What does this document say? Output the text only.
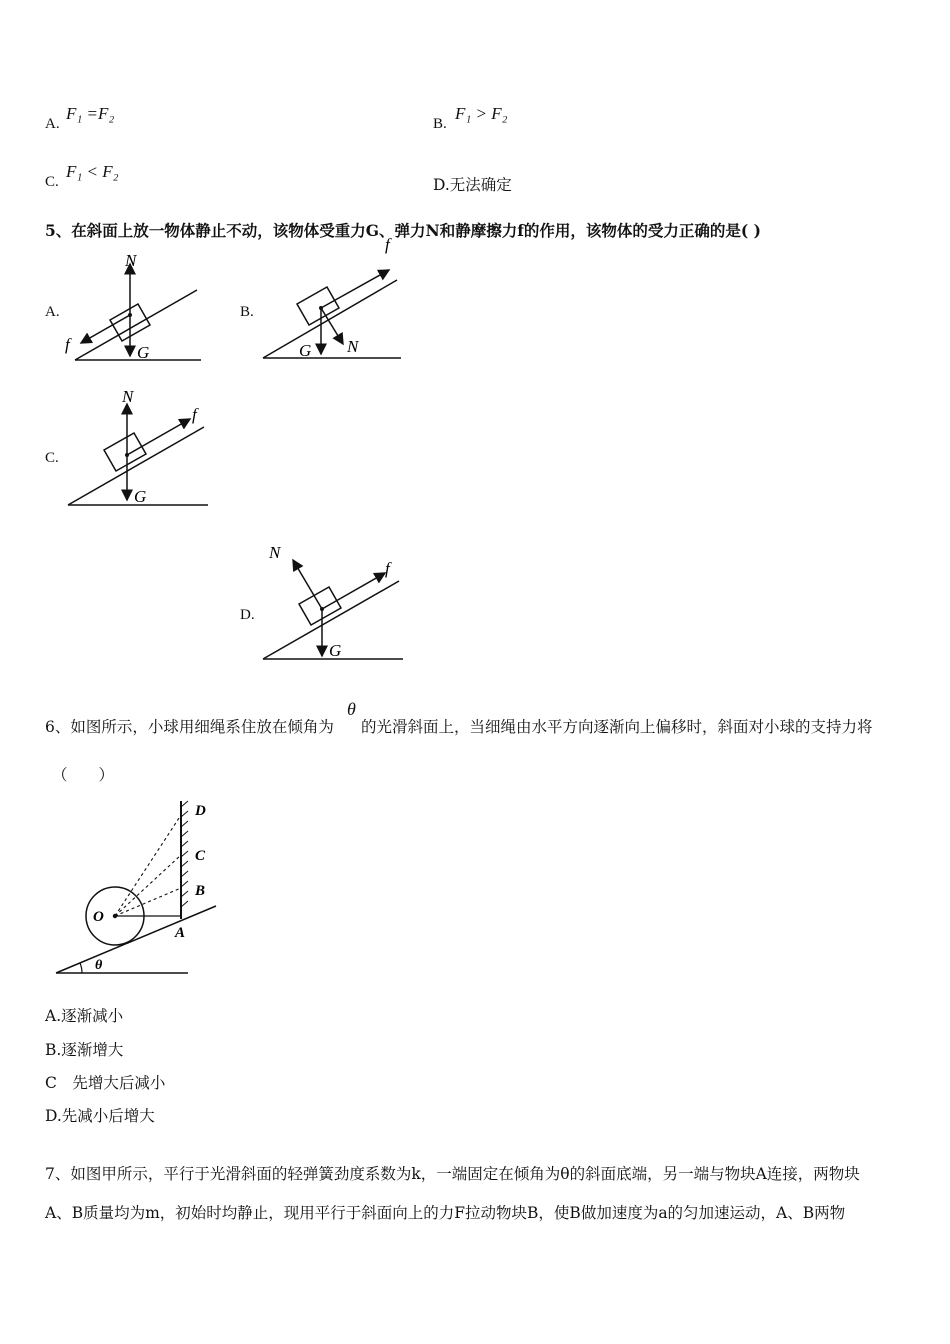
A.
F₁ =F₂
B.
F₁ > F₂
C.
F₁ < F₂
D.无法确定
5、在斜面上放一物体静止不动，该物体受重力G、弹力N和静摩擦力f的作用，该物体的受力正确的是( )
A.
N
G
f
B.
f
G N
C.
N
G
f
D.
N
G
f
6、如图所示，小球用细绳系住放在倾角为
θ
的光滑斜面上，当细绳由水平方向逐渐向上偏移时，斜面对小球的支持力将
（　　）
O
A
B
C
D
θ
A.逐渐减小
B.逐渐增大
C　先增大后减小
D.先减小后增大
7、如图甲所示，平行于光滑斜面的轻弹簧劲度系数为k，一端固定在倾角为θ的斜面底端，另一端与物块A连接，两物块
A、B质量均为m，初始时均静止，现用平行于斜面向上的力F拉动物块B，使B做加速度为a的匀加速运动，A、B两物
